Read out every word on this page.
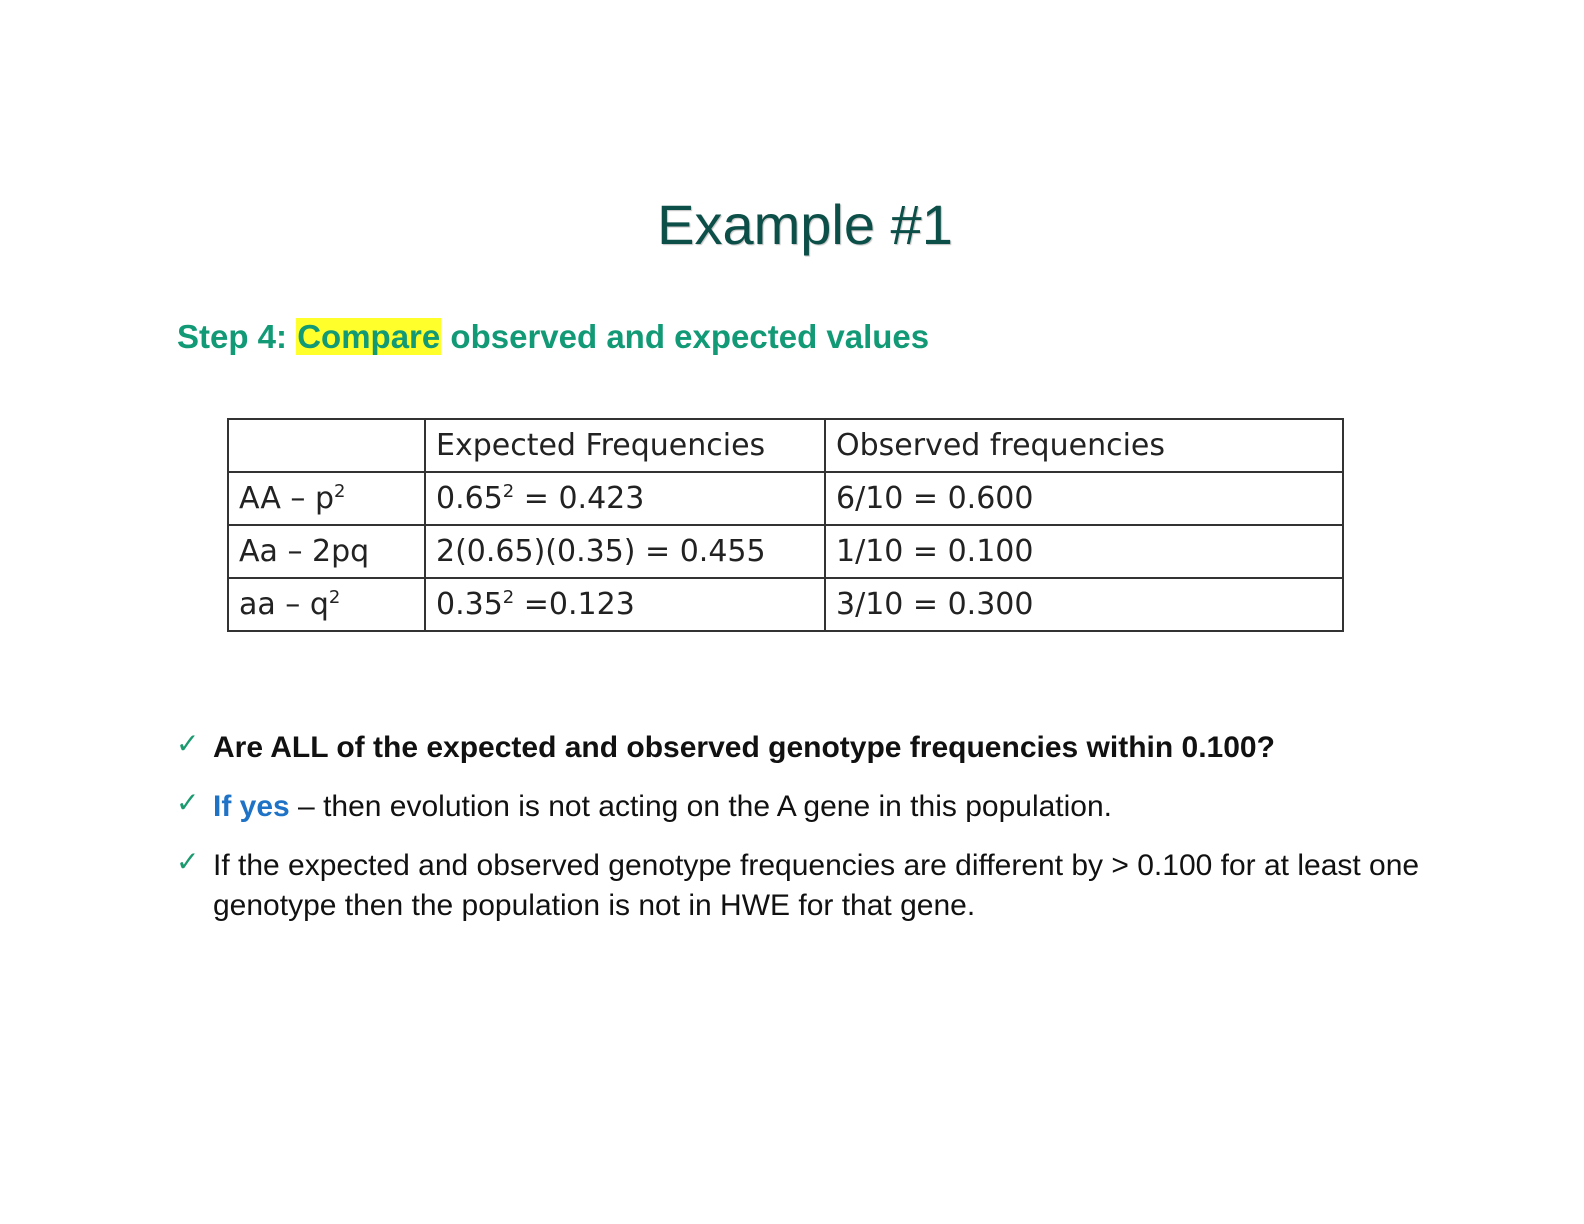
Example #1
Step 4: Compare observed and expected values
	Expected Frequencies	Observed frequencies
AA – $p^2$	$0.65^2 = 0.423$	6/10 = 0.600
Aa – 2pq	2(0.65)(0.35) = 0.455	1/10 = 0.100
aa – $q^2$	$0.35^2 =0.123$	3/10 = 0.300
✓ Are ALL of the expected and observed genotype frequencies within 0.100?
✓ If yes – then evolution is not acting on the A gene in this population.
✓ If the expected and observed genotype frequencies are different by > 0.100 for at least one genotype then the population is not in HWE for that gene.
